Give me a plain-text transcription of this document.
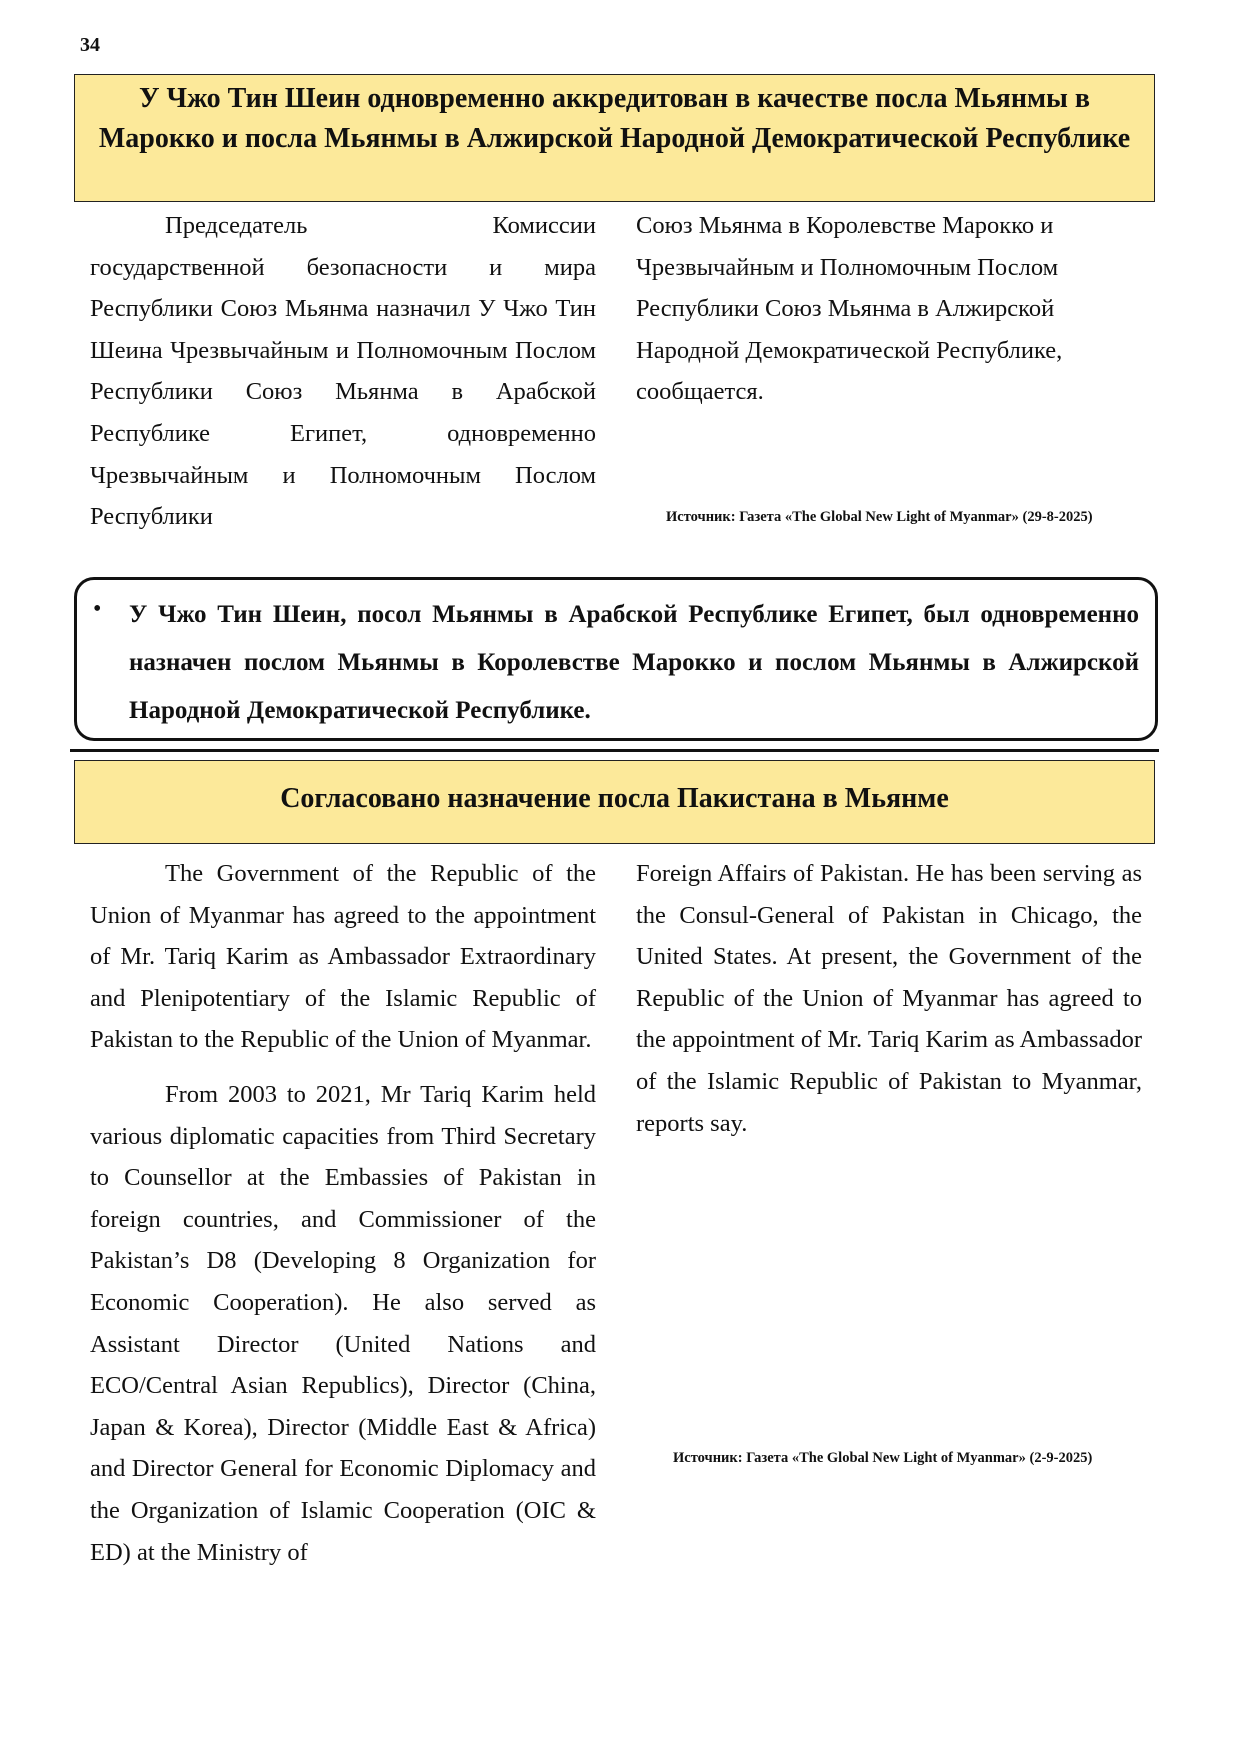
34
У Чжо Тин Шеин одновременно аккредитован в качестве посла Мьянмы в Марокко и посла Мьянмы в Алжирской Народной Демократической Республике

Председатель Комиссии государственной безопасности и мира Республики Союз Мьянма назначил У Чжо Тин Шеина Чрезвычайным и Полномочным Послом Республики Союз Мьянма в Арабской Республике Египет, одновременно Чрезвычайным и Полномочным Послом Республики

Союз Мьянма в Королевстве Марокко и Чрезвычайным и Полномочным Послом Республики Союз Мьянма в Алжирской Народной Демократической Республике, сообщается.

Источник: Газета «The Global New Light of Myanmar» (29-8-2025)
• У Чжо Тин Шеин, посол Мьянмы в Арабской Республике Египет, был одновременно назначен послом Мьянмы в Королевстве Марокко и послом Мьянмы в Алжирской Народной Демократической Республике.
Согласовано назначение посла Пакистана в Мьянме

The Government of the Republic of the Union of Myanmar has agreed to the appointment of Mr. Tariq Karim as Ambassador Extraordinary and Plenipotentiary of the Islamic Republic of Pakistan to the Republic of the Union of Myanmar.

From 2003 to 2021, Mr Tariq Karim held various diplomatic capacities from Third Secretary to Counsellor at the Embassies of Pakistan in foreign countries, and Commissioner of the Pakistan’s D8 (Developing 8 Organization for Economic Cooperation). He also served as Assistant Director (United Nations and ECO/Central Asian Republics), Director (China, Japan & Korea), Director (Middle East & Africa) and Director General for Economic Diplomacy and the Organization of Islamic Cooperation (OIC & ED) at the Ministry of

Foreign Affairs of Pakistan. He has been serving as the Consul-General of Pakistan in Chicago, the United States. At present, the Government of the Republic of the Union of Myanmar has agreed to the appointment of Mr. Tariq Karim as Ambassador of the Islamic Republic of Pakistan to Myanmar, reports say.

Источник: Газета «The Global New Light of Myanmar» (2-9-2025)
